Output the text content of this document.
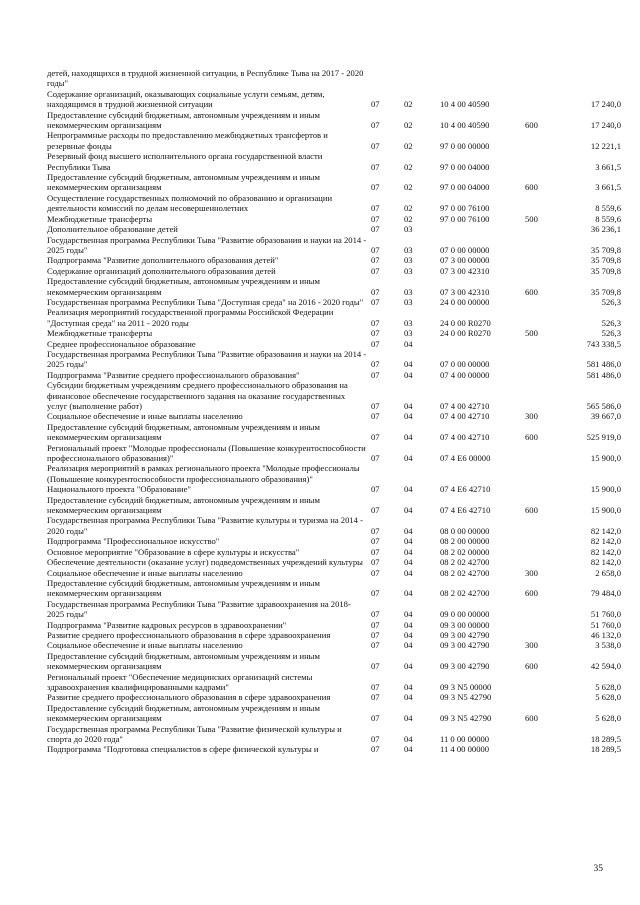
детей, находящихся в трудной жизненной ситуации, в Республике Тыва на 2017 - 2020 годы"
Содержание организаций, оказывающих социальные услуги семьям, детям, находящимся в трудной жизненной ситуации	07	02	10 4 00 40590	17 240,0
Предоставление субсидий бюджетным, автономным учреждениям и иным некоммерческим организациям	07	02	10 4 00 40590	600	17 240,0
Непрограммные расходы по предоставлению межбюджетных трансфертов и резервные фонды	07	02	97 0 00 00000	12 221,1
Резервный фонд высшего исполнительного органа государственной власти Республики Тыва	07	02	97 0 00 04000	3 661,5
Предоставление субсидий бюджетным, автономным учреждениям и иным некоммерческим организациям	07	02	97 0 00 04000	600	3 661,5
Осуществление государственных полномочий по образованию и организации деятельности комиссий по делам несовершеннолетних	07	02	97 0 00 76100	8 559,6
Межбюджетные трансферты	07	02	97 0 00 76100	500	8 559,6
Дополнительное образование детей	07	03	36 236,1
Государственная программа Республики Тыва "Развитие образования и науки на 2014 - 2025 годы"	07	03	07 0 00 00000	35 709,8
Подпрограмма "Развитие дополнительного образования детей"	07	03	07 3 00 00000	35 709,8
Содержание организаций дополнительного образования детей	07	03	07 3 00 42310	35 709,8
Предоставление субсидий бюджетным, автономным учреждениям и иным некоммерческим организациям	07	03	07 3 00 42310	600	35 709,8
Государственная программа Республики Тыва "Доступная среда" на 2016 - 2020 годы" 07	03	24 0 00 00000	526,3
Реализация мероприятий государственной программы Российской Федерации "Доступная среда" на 2011 - 2020 годы	07	03	24 0 00 R0270	526,3
Межбюджетные трансферты	07	03	24 0 00 R0270	500	526,3
Среднее профессиональное образование	07	04	743 338,5
Государственная программа Республики Тыва "Развитие образования и науки на 2014 - 2025 годы"	07	04	07 0 00 00000	581 486,0
Подпрограмма "Развитие среднего профессионального образования"	07	04	07 4 00 00000	581 486,0
Субсидии бюджетным учреждениям среднего профессионального образования на финансовое обеспечение государственного задания на оказание государственных услуг (выполнение работ)	07	04	07 4 00 42710	565 586,0
Социальное обеспечение и иные выплаты населению	07	04	07 4 00 42710	300	39 667,0
Предоставление субсидий бюджетным, автономным учреждениям и иным некоммерческим организациям	07	04	07 4 00 42710	600	525 919,0
Региональный проект "Молодые профессионалы (Повышение конкурентоспособности профессионального образования)"	07	04	07 4 E6 00000	15 900,0
Реализация мероприятий в рамках регионального проекта "Молодые профессионалы (Повышение конкурентоспособности профессионального образования)" Национального проекта "Образование"	07	04	07 4 E6 42710	15 900,0
Предоставление субсидий бюджетным, автономным учреждениям и иным некоммерческим организациям	07	04	07 4 E6 42710	600	15 900,0
Государственная программа Республики Тыва "Развитие культуры и туризма на 2014 - 2020 годы"	07	04	08 0 00 00000	82 142,0
Подпрограмма "Профессиональное искусство"	07	04	08 2 00 00000	82 142,0
Основное мероприятие "Образование в сфере культуры и искусства"	07	04	08 2 02 00000	82 142,0
Обеспечение деятельности (оказание услуг) подведомственных учреждений культуры 07	04	08 2 02 42700	82 142,0
Социальное обеспечение и иные выплаты населению	07	04	08 2 02 42700	300	2 658,0
Предоставление субсидий бюджетным, автономным учреждениям и иным некоммерческим организациям	07	04	08 2 02 42700	600	79 484,0
Государственная программа Республики Тыва "Развитие здравоохранения на 2018-2025 годы"	07	04	09 0 00 00000	51 760,0
Подпрограмма "Развитие кадровых ресурсов в здравоохранении"	07	04	09 3 00 00000	51 760,0
Развитие среднего профессионального образования в сфере здравоохранения	07	04	09 3 00 42790	46 132,0
Социальное обеспечение и иные выплаты населению	07	04	09 3 00 42790	300	3 538,0
Предоставление субсидий бюджетным, автономным учреждениям и иным некоммерческим организациям	07	04	09 3 00 42790	600	42 594,0
Региональный проект "Обеспечение медицинских организаций системы здравоохранения квалифицированными кадрами"	07	04	09 3 N5 00000	5 628,0
Развитие среднего профессионального образования в сфере здравоохранения	07	04	09 3 N5 42790	5 628,0
Предоставление субсидий бюджетным, автономным учреждениям и иным некоммерческим организациям	07	04	09 3 N5 42790	600	5 628,0
Государственная программа Республики Тыва "Развитие физической культуры и спорта до 2020 года"	07	04	11 0 00 00000	18 289,5
Подпрограмма "Подготовка специалистов в сфере физической культуры и	07	04	11 4 00 00000	18 289,5
35
